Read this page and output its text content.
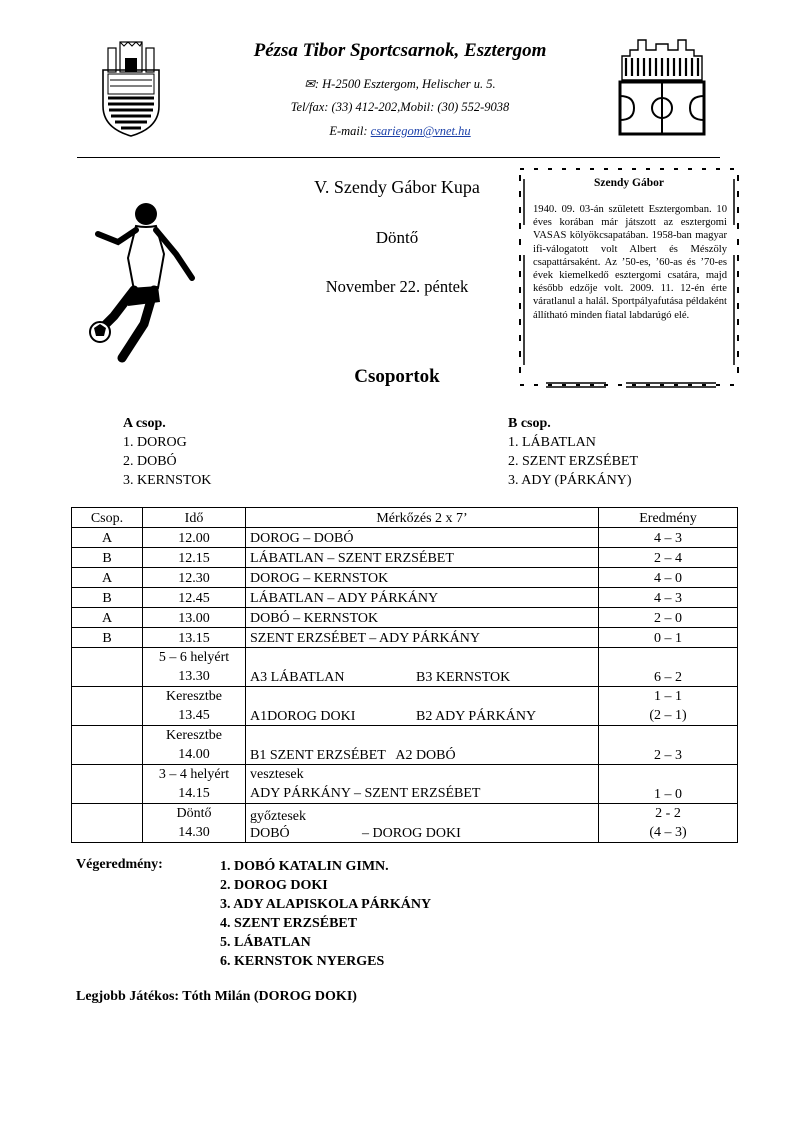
Pézsa Tibor Sportcsarnok, Esztergom
✉: H-2500 Esztergom, Helischer u. 5.
Tel/fax: (33) 412-202,Mobil: (30) 552-9038
E-mail: csariegom@vnet.hu
V. Szendy Gábor Kupa
Döntő
November 22. péntek
Csoportok
Szendy Gábor
1940. 09. 03-án született Esztergomban. 10 éves korában már játszott az esztergomi VASAS kölyökcsapatában. 1958-ban magyar ifi-válogatott volt Albert és Mészöly csapattársaként. Az ’50-es, ’60-as és ’70-es évek kiemelkedő esztergomi csatára, majd később edzője volt. 2009. 11. 12-én érte váratlanul a halál. Sportpályafutása példaként állítható minden fiatal labdarúgó elé.
A csop.
1. DOROG
2. DOBÓ
3. KERNSTOK
B csop.
1. LÁBATLAN
2. SZENT ERZSÉBET
3. ADY (PÁRKÁNY)
Csop.	Idő	Mérkőzés 2 x 7’	Eredmény
A	12.00	DOROG – DOBÓ	4 – 3
B	12.15	LÁBATLAN – SZENT ERZSÉBET	2 – 4
A	12.30	DOROG – KERNSTOK	4 – 0
B	12.45	LÁBATLAN – ADY PÁRKÁNY	4 – 3
A	13.00	DOBÓ – KERNSTOK	2 – 0
B	13.15	SZENT ERZSÉBET – ADY PÁRKÁNY	0 – 1

	5 – 6 helyért
13.30	A3 LÁBATLAN B3 KERNSTOK	6 – 2

	Keresztbe
13.45	A1DOROG DOKI B2 ADY PÁRKÁNY	1 – 1
(2 – 1)

	Keresztbe
14.00	B1 SZENT ERZSÉBET   A2 DOBÓ	2 – 3

	3 – 4 helyért
14.15	vesztesek
ADY PÁRKÁNY – SZENT ERZSÉBET	1 – 0

	Döntő
14.30	győztesek
DOBÓ – DOROG DOKI	2 - 2
(4 – 3)
Végeredmény:	1. DOBÓ KATALIN GIMN.
2. DOROG DOKI
3. ADY ALAPISKOLA PÁRKÁNY
4. SZENT ERZSÉBET
5. LÁBATLAN
6. KERNSTOK NYERGES
Legjobb Játékos: Tóth Milán (DOROG DOKI)
